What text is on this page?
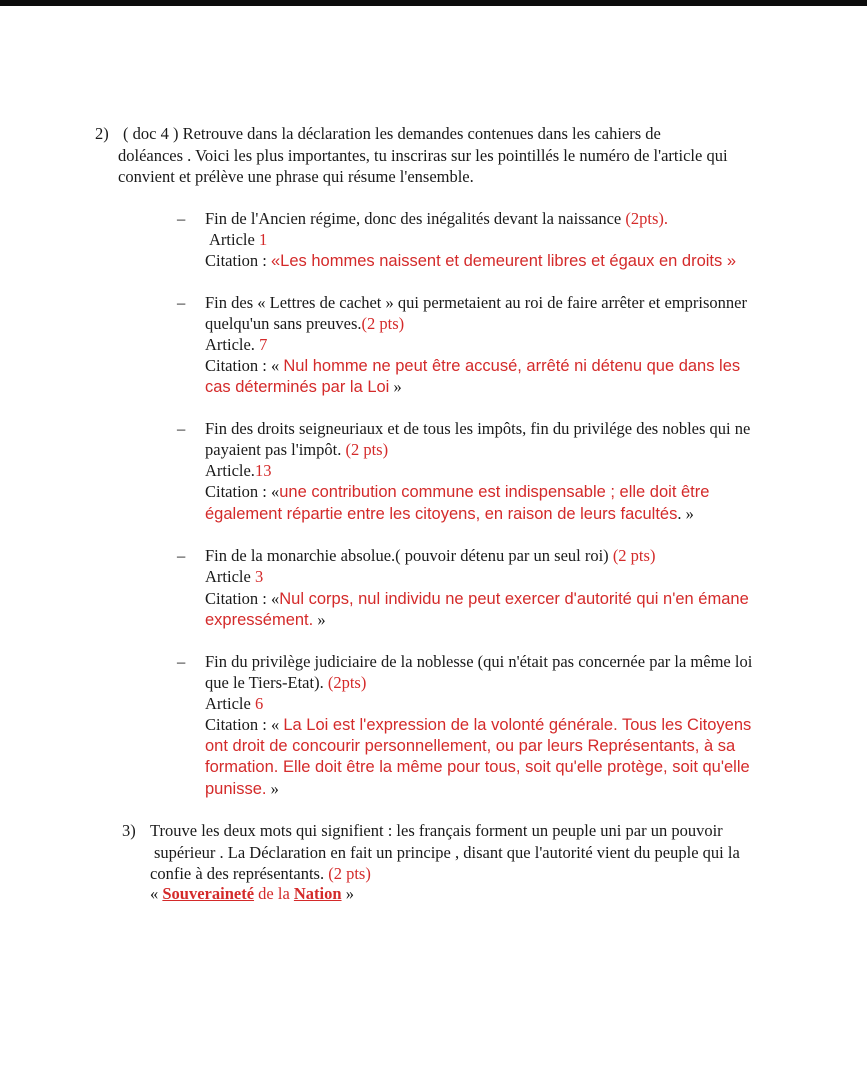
2) ( doc 4 ) Retrouve dans la déclaration les demandes contenues dans les cahiers de
doléances . Voici les plus importantes, tu inscriras sur les pointillés le numéro de l'article qui
convient et prélève une phrase qui résume l'ensemble.
– Fin de l'Ancien régime, donc des inégalités devant la naissance (2pts).
Article 1
Citation : «Les hommes naissent et demeurent libres et égaux en droits »
– Fin des « Lettres de cachet » qui permetaient au roi de faire arrêter et emprisonner
quelqu'un sans preuves.(2 pts)
Article. 7
Citation : « Nul homme ne peut être accusé, arrêté ni détenu que dans les
cas déterminés par la Loi »
– Fin des droits seigneuriaux et de tous les impôts, fin du privilége des nobles qui ne
payaient pas l'impôt. (2 pts)
Article.13
Citation : «une contribution commune est indispensable ; elle doit être
également répartie entre les citoyens, en raison de leurs facultés. »
– Fin de la monarchie absolue.( pouvoir détenu par un seul roi) (2 pts)
Article 3
Citation : «Nul corps, nul individu ne peut exercer d'autorité qui n'en émane
expressément. »
– Fin du privilège judiciaire de la noblesse (qui n'était pas concernée par la même loi
que le Tiers-Etat). (2pts)
Article 6
Citation : « La Loi est l'expression de la volonté générale. Tous les Citoyens
ont droit de concourir personnellement, ou par leurs Représentants, à sa
formation. Elle doit être la même pour tous, soit qu'elle protège, soit qu'elle
punisse. »
3) Trouve les deux mots qui signifient : les français forment un peuple uni par un pouvoir
supérieur . La Déclaration en fait un principe , disant que l'autorité vient du peuple qui la
confie à des représentants. (2 pts)
« Souveraineté de la Nation »
